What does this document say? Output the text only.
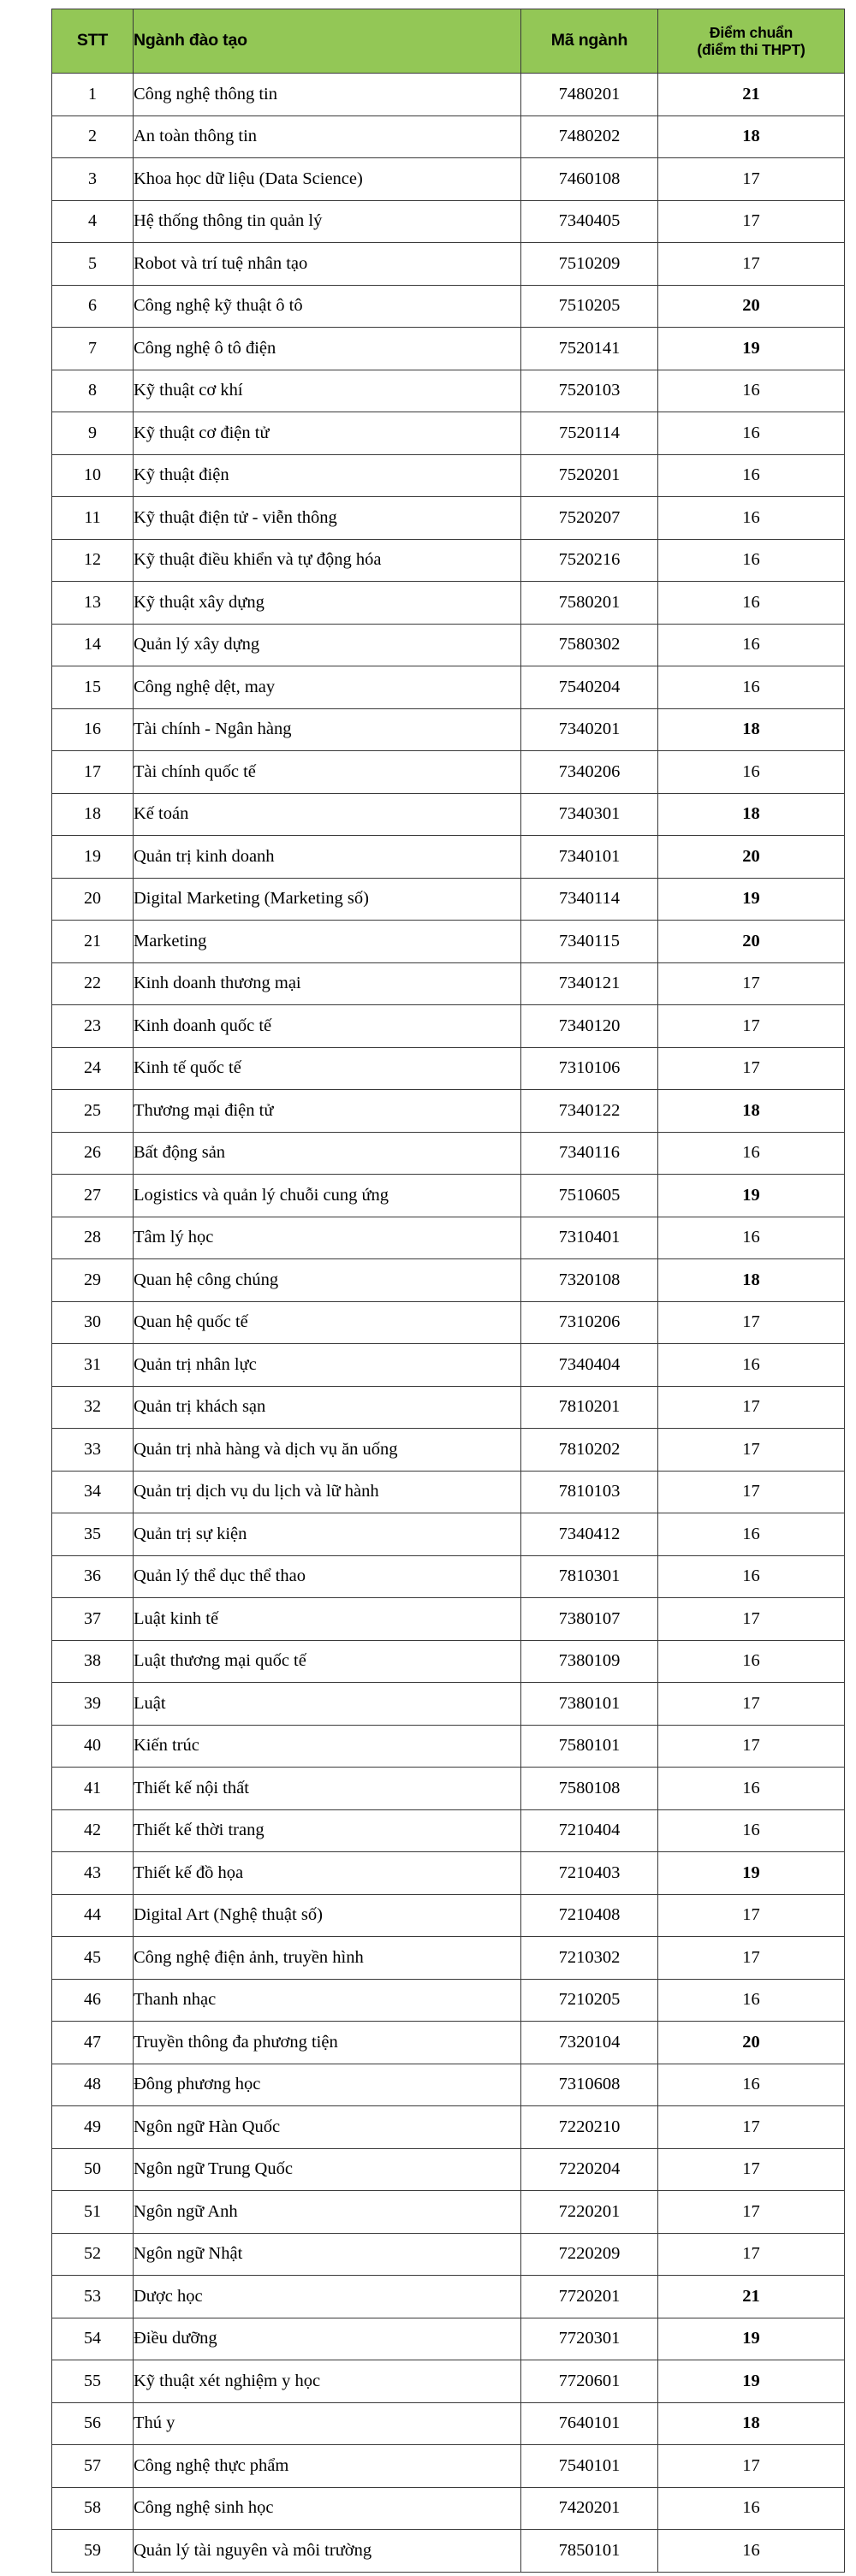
STT	Ngành đào tạo	Mã ngành	Điểm chuẩn
(điểm thi THPT)

1	Công nghệ thông tin	7480201	21
2	An toàn thông tin	7480202	18
3	Khoa học dữ liệu (Data Science)	7460108	17
4	Hệ thống thông tin quản lý	7340405	17
5	Robot và trí tuệ nhân tạo	7510209	17
6	Công nghệ kỹ thuật ô tô	7510205	20
7	Công nghệ ô tô điện	7520141	19
8	Kỹ thuật cơ khí	7520103	16
9	Kỹ thuật cơ điện tử	7520114	16
10	Kỹ thuật điện	7520201	16
11	Kỹ thuật điện tử - viễn thông	7520207	16
12	Kỹ thuật điều khiển và tự động hóa	7520216	16
13	Kỹ thuật xây dựng	7580201	16
14	Quản lý xây dựng	7580302	16
15	Công nghệ dệt, may	7540204	16
16	Tài chính - Ngân hàng	7340201	18
17	Tài chính quốc tế	7340206	16
18	Kế toán	7340301	18
19	Quản trị kinh doanh	7340101	20
20	Digital Marketing (Marketing số)	7340114	19
21	Marketing	7340115	20
22	Kinh doanh thương mại	7340121	17
23	Kinh doanh quốc tế	7340120	17
24	Kinh tế quốc tế	7310106	17
25	Thương mại điện tử	7340122	18
26	Bất động sản	7340116	16
27	Logistics và quản lý chuỗi cung ứng	7510605	19
28	Tâm lý học	7310401	16
29	Quan hệ công chúng	7320108	18
30	Quan hệ quốc tế	7310206	17
31	Quản trị nhân lực	7340404	16
32	Quản trị khách sạn	7810201	17
33	Quản trị nhà hàng và dịch vụ ăn uống	7810202	17
34	Quản trị dịch vụ du lịch và lữ hành	7810103	17
35	Quản trị sự kiện	7340412	16
36	Quản lý thể dục thể thao	7810301	16
37	Luật kinh tế	7380107	17
38	Luật thương mại quốc tế	7380109	16
39	Luật	7380101	17
40	Kiến trúc	7580101	17
41	Thiết kế nội thất	7580108	16
42	Thiết kế thời trang	7210404	16
43	Thiết kế đồ họa	7210403	19
44	Digital Art (Nghệ thuật số)	7210408	17
45	Công nghệ điện ảnh, truyền hình	7210302	17
46	Thanh nhạc	7210205	16
47	Truyền thông đa phương tiện	7320104	20
48	Đông phương học	7310608	16
49	Ngôn ngữ Hàn Quốc	7220210	17
50	Ngôn ngữ Trung Quốc	7220204	17
51	Ngôn ngữ Anh	7220201	17
52	Ngôn ngữ Nhật	7220209	17
53	Dược học	7720201	21
54	Điều dưỡng	7720301	19
55	Kỹ thuật xét nghiệm y học	7720601	19
56	Thú y	7640101	18
57	Công nghệ thực phẩm	7540101	17
58	Công nghệ sinh học	7420201	16
59	Quản lý tài nguyên và môi trường	7850101	16
